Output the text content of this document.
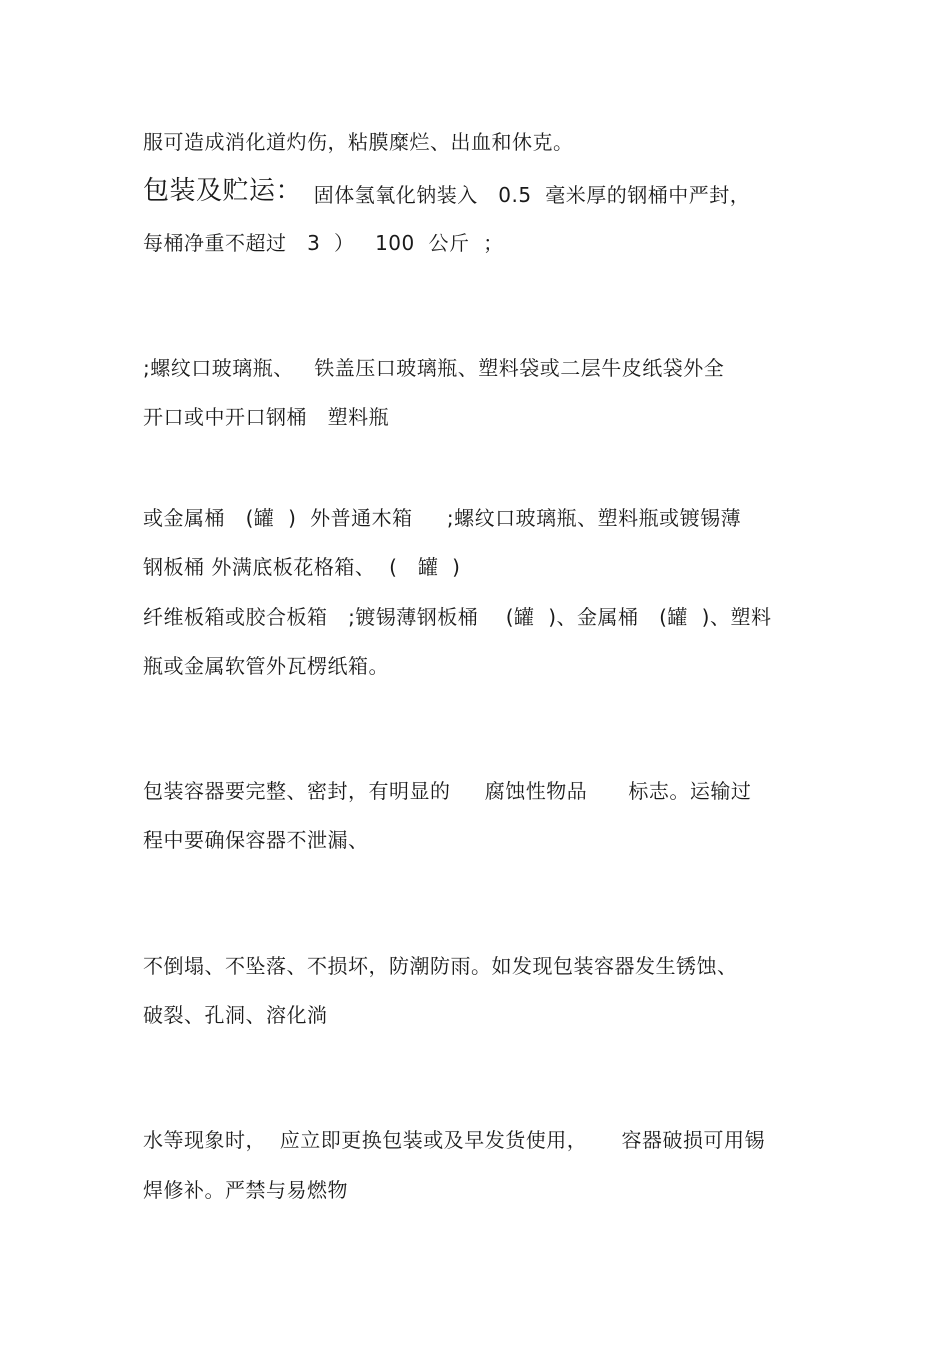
服可造成消化道灼伤，粘膜糜烂、出血和休克。
包装及贮运：
固体氢氧化钠装入   0.5  毫米厚的钢桶中严封，
每桶净重不超过   3  ）   100  公斤  ；
;螺纹口玻璃瓶、   铁盖压口玻璃瓶、塑料袋或二层牛皮纸袋外全
开口或中开口钢桶   塑料瓶
或金属桶   (罐  )  外普通木箱     ;螺纹口玻璃瓶、塑料瓶或镀锡薄
钢板桶 外满底板花格箱、  (   罐  )
纤维板箱或胶合板箱   ;镀锡薄钢板桶    (罐  )、金属桶   (罐  )、塑料
瓶或金属软管外瓦楞纸箱。
包装容器要完整、密封，有明显的     腐蚀性物品      标志。运输过
程中要确保容器不泄漏、
不倒塌、不坠落、不损坏，防潮防雨。如发现包装容器发生锈蚀、
破裂、孔洞、溶化淌
水等现象时，  应立即更换包装或及早发货使用，     容器破损可用锡
焊修补。严禁与易燃物
